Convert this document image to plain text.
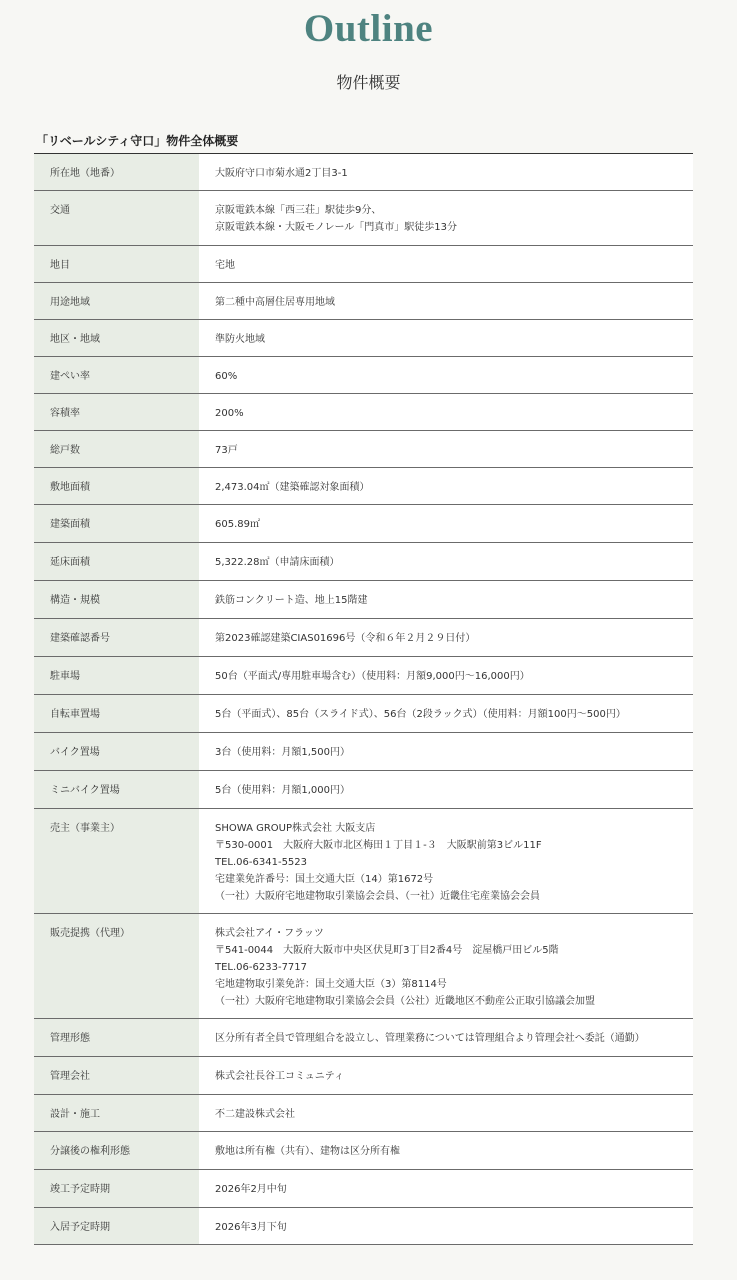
Outline
物件概要
「リベールシティ守口」物件全体概要
所在地（地番）	大阪府守口市菊水通2丁目3-1

交通	京阪電鉄本線「西三荘」駅徒歩9分、
京阪電鉄本線・大阪モノレール「門真市」駅徒歩13分

地目	宅地

用途地域	第二種中高層住居専用地域

地区・地域	準防火地域

建ぺい率	60%

容積率	200%

総戸数	73戸

敷地面積	2,473.04㎡（建築確認対象面積）

建築面積	605.89㎡

延床面積	5,322.28㎡（申請床面積）

構造・規模	鉄筋コンクリート造、地上15階建

建築確認番号	第2023確認建築CIAS01696号（令和６年２月２９日付）

駐車場	50台（平面式/専用駐車場含む）（使用料：月額9,000円～16,000円）

自転車置場	5台（平面式）、85台（スライド式）、56台（2段ラック式）（使用料：月額100円～500円）

バイク置場	3台（使用料：月額1,500円）

ミニバイク置場	5台（使用料：月額1,000円）

売主（事業主）	SHOWA GROUP株式会社 大阪支店
〒530-0001　大阪府大阪市北区梅田１丁目１-３　大阪駅前第3ビル11F
TEL.06-6341-5523
宅建業免許番号：国土交通大臣（14）第1672号
（一社）大阪府宅地建物取引業協会会員、（一社）近畿住宅産業協会会員

販売提携（代理）	株式会社アイ・フラッツ
〒541-0044　大阪府大阪市中央区伏見町3丁目2番4号　淀屋橋戸田ビル5階
TEL.06-6233-7717
宅地建物取引業免許：国土交通大臣（3）第8114号
（一社）大阪府宅地建物取引業協会会員（公社）近畿地区不動産公正取引協議会加盟

管理形態	区分所有者全員で管理組合を設立し、管理業務については管理組合より管理会社へ委託（通勤）

管理会社	株式会社長谷工コミュニティ

設計・施工	不二建設株式会社

分譲後の権利形態	敷地は所有権（共有）、建物は区分所有権

竣工予定時期	2026年2月中旬

入居予定時期	2026年3月下旬
